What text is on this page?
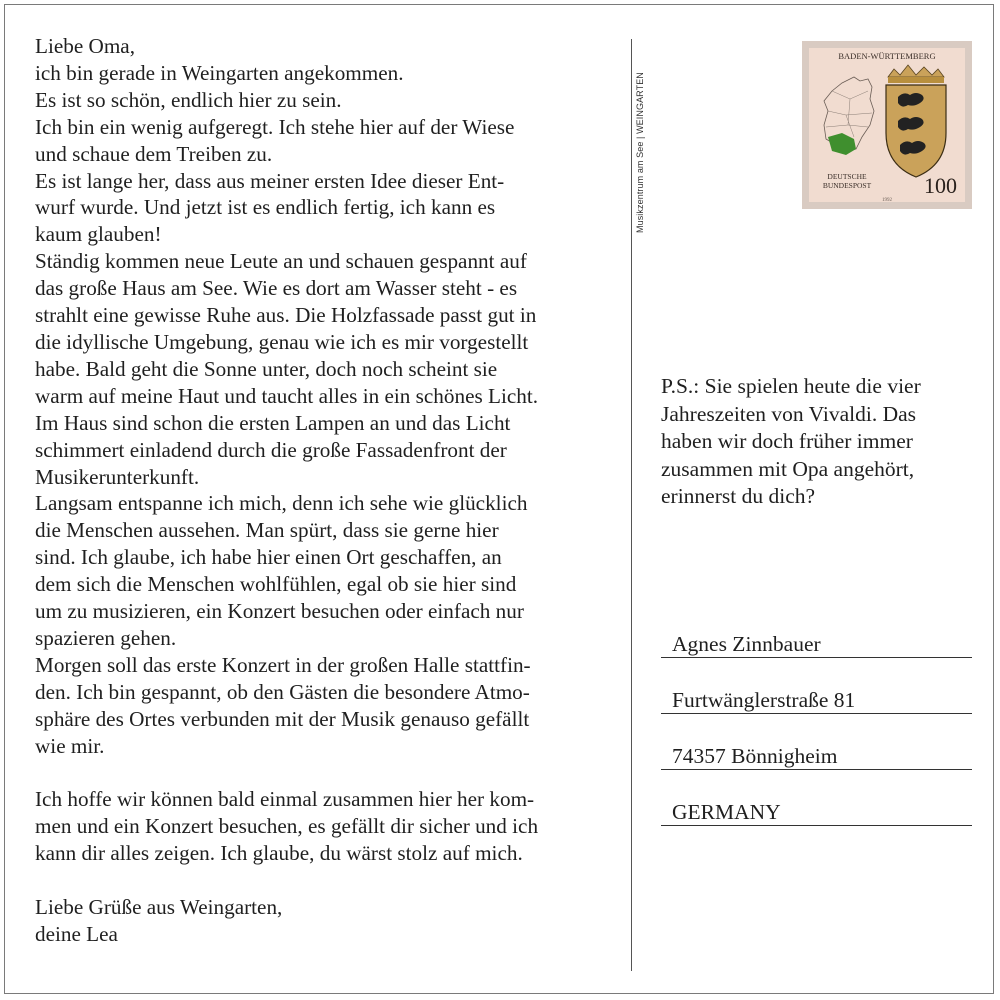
Liebe Oma,
ich bin gerade in Weingarten angekommen.
Es ist so schön, endlich hier zu sein.
Ich bin ein wenig aufgeregt. Ich stehe hier auf der Wiese
und schaue dem Treiben zu.
Es ist lange her, dass aus meiner ersten Idee dieser Ent-
wurf wurde. Und jetzt ist es endlich fertig, ich kann es
kaum glauben!
Ständig kommen neue Leute an und schauen gespannt auf
das große Haus am See. Wie es dort am Wasser steht - es
strahlt eine gewisse Ruhe aus. Die Holzfassade passt gut in
die idyllische Umgebung, genau wie ich es mir vorgestellt
habe. Bald geht die Sonne unter, doch noch scheint sie
warm auf meine Haut und taucht alles in ein schönes Licht.
Im Haus sind schon die ersten Lampen an und das Licht
schimmert einladend durch die große Fassadenfront der
Musikerunterkunft.
Langsam entspanne ich mich, denn ich sehe wie glücklich
die Menschen aussehen. Man spürt, dass sie gerne hier
sind. Ich glaube, ich habe hier einen Ort geschaffen, an
dem sich die Menschen wohlfühlen, egal ob sie hier sind
um zu musizieren, ein Konzert besuchen oder einfach nur
spazieren gehen.
Morgen soll das erste Konzert in der großen Halle stattfin-
den. Ich bin gespannt, ob den Gästen die besondere Atmo-
sphäre des Ortes verbunden mit der Musik genauso gefällt
wie mir.
Ich hoffe wir können bald einmal zusammen hier her kom-
men und ein Konzert besuchen, es gefällt dir sicher und ich
kann dir alles zeigen. Ich glaube, du wärst stolz auf mich.
Liebe Grüße aus Weingarten,
deine Lea
Musikzentrum am See | WEINGARTEN
BADEN-WÜRTTEMBERG
DEUTSCHE
BUNDESPOST 100
1992
P.S.: Sie spielen heute die vier
Jahreszeiten von Vivaldi. Das
haben wir doch früher immer
zusammen mit Opa angehört,
erinnerst du dich?
Agnes Zinnbauer
Furtwänglerstraße 81
74357 Bönnigheim
GERMANY
